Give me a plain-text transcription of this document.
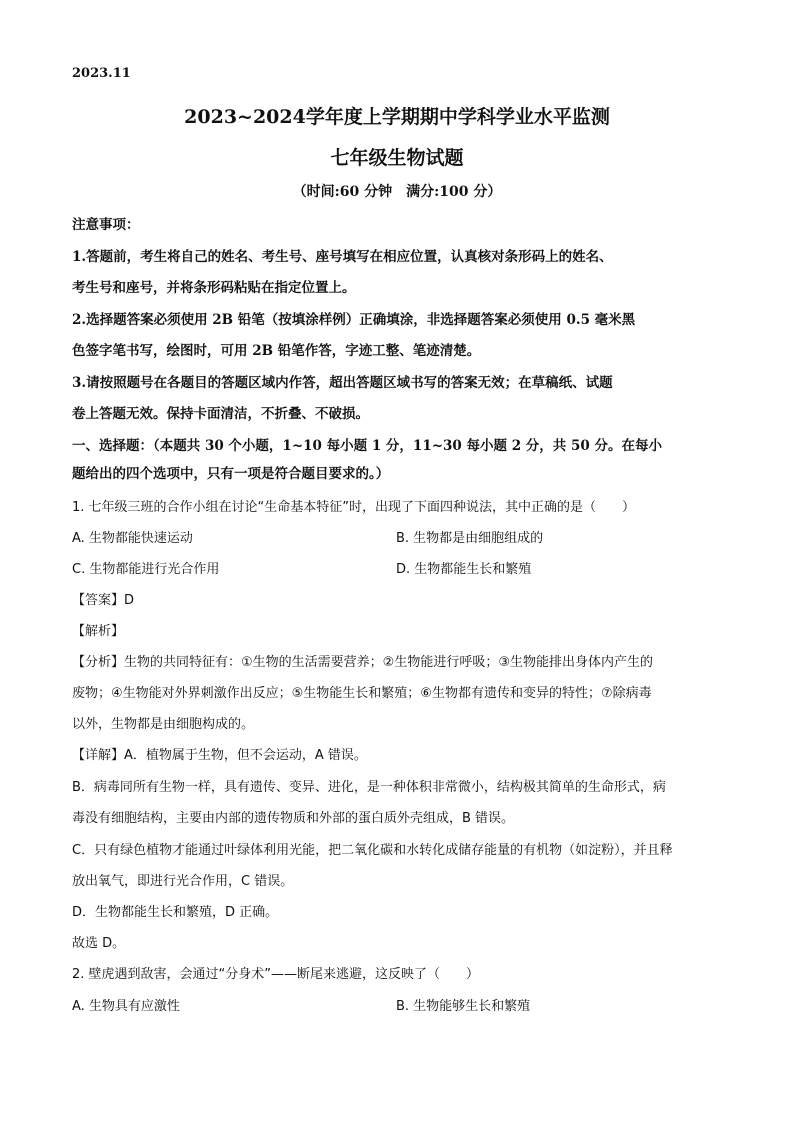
2023.11
2023~2024学年度上学期期中学科学业水平监测
七年级生物试题
（时间:60 分钟　满分:100 分）
注意事项：
1.答题前，考生将自己的姓名、考生号、座号填写在相应位置，认真核对条形码上的姓名、
考生号和座号，并将条形码粘贴在指定位置上。
2.选择题答案必须使用 2B 铅笔（按填涂样例）正确填涂，非选择题答案必须使用 0.5 毫米黑
色签字笔书写，绘图时，可用 2B 铅笔作答，字迹工整、笔迹清楚。
3.请按照题号在各题目的答题区域内作答，超出答题区域书写的答案无效；在草稿纸、试题
卷上答题无效。保持卡面清洁，不折叠、不破损。
一、选择题：（本题共 30 个小题，1~10 每小题 1 分，11~30 每小题 2 分，共 50 分。在每小
题给出的四个选项中，只有一项是符合题目要求的。）
1. 七年级三班的合作小组在讨论“生命基本特征”时，出现了下面四种说法，其中正确的是（　　）
A. 生物都能快速运动	B. 生物都是由细胞组成的
C. 生物都能进行光合作用	D. 生物都能生长和繁殖
【答案】D
【解析】
【分析】生物的共同特征有：①生物的生活需要营养；②生物能进行呼吸；③生物能排出身体内产生的
废物；④生物能对外界刺激作出反应；⑤生物能生长和繁殖；⑥生物都有遗传和变异的特性；⑦除病毒
以外，生物都是由细胞构成的。
【详解】A．植物属于生物，但不会运动，A 错误。
B．病毒同所有生物一样，具有遗传、变异、进化，是一种体积非常微小，结构极其简单的生命形式，病
毒没有细胞结构，主要由内部的遗传物质和外部的蛋白质外壳组成，B 错误。
C．只有绿色植物才能通过叶绿体利用光能，把二氧化碳和水转化成储存能量的有机物（如淀粉），并且释
放出氧气，即进行光合作用，C 错误。
D．生物都能生长和繁殖，D 正确。
故选 D。
2. 壁虎遇到敌害，会通过“分身术”——断尾来逃避，这反映了（　　）
A. 生物具有应激性	B. 生物能够生长和繁殖
